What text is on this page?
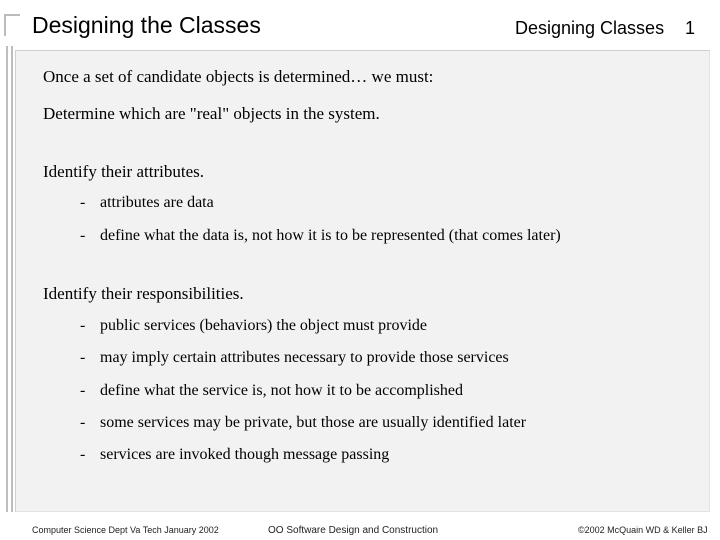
Designing the Classes	Designing Classes 1
Once a set of candidate objects is determined… we must:
Determine which are "real" objects in the system.
Identify their attributes.
- attributes are data
- define what the data is, not how it is to be represented (that comes later)
Identify their responsibilities.
- public services (behaviors) the object must provide
- may imply certain attributes necessary to provide those services
- define what the service is, not how it to be accomplished
- some services may be private, but those are usually identified later
- services are invoked though message passing
Computer Science Dept Va Tech January 2002	OO Software Design and Construction	©2002 McQuain WD & Keller BJ
